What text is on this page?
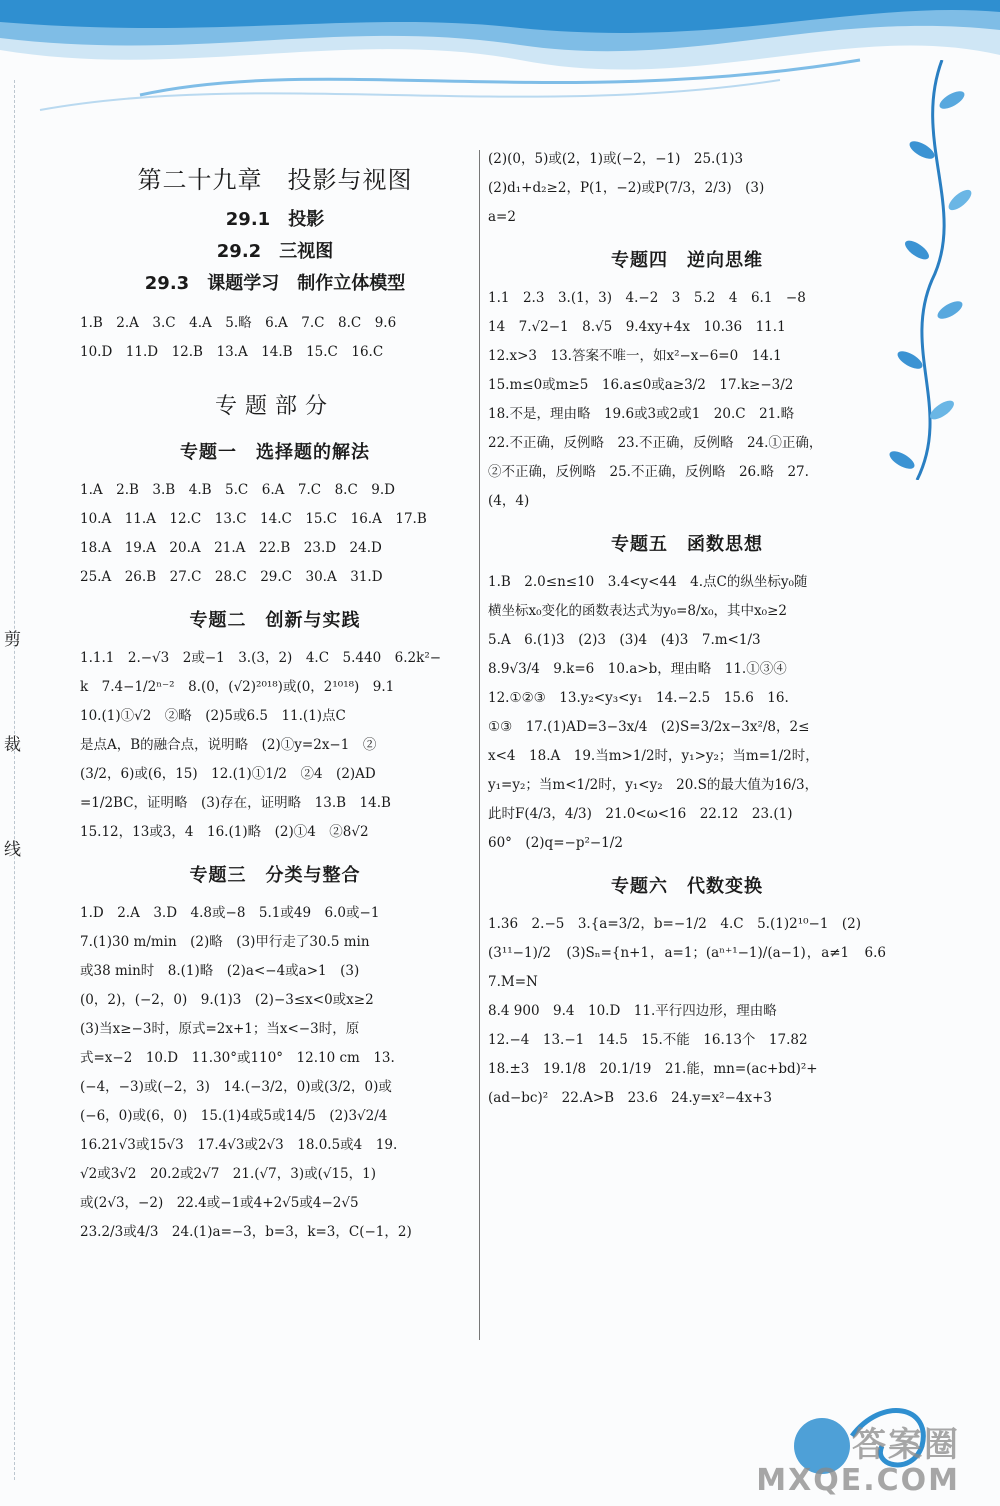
剪
裁
线
第二十九章　投影与视图
29.1　投影
29.2　三视图
29.3　课题学习　制作立体模型

1.B　2.A　3.C　4.A　5.略　6.A　7.C　8.C　9.6

10.D　11.D　12.B　13.A　14.B　15.C　16.C

专题部分
专题一　选择题的解法

1.A　2.B　3.B　4.B　5.C　6.A　7.C　8.C　9.D

10.A　11.A　12.C　13.C　14.C　15.C　16.A　17.B

18.A　19.A　20.A　21.A　22.B　23.D　24.D

25.A　26.B　27.C　28.C　29.C　30.A　31.D

专题二　创新与实践

1.1.1　2.−√3　2或−1　3.(3，2)　4.C　5.440　6.2k²−

k　7.4−1/2ⁿ⁻²　8.(0，(√2)²⁰¹⁸)或(0，2¹⁰¹⁸)　9.1

10.(1)①√2　②略　(2)5或6.5　11.(1)点C

是点A，B的融合点，说明略　(2)①y=2x−1　②

(3/2，6)或(6，15)　12.(1)①1/2　②4　(2)AD

=1/2BC，证明略　(3)存在，证明略　13.B　14.B

15.12，13或3，4　16.(1)略　(2)①4　②8√2

专题三　分类与整合

1.D　2.A　3.D　4.8或−8　5.1或49　6.0或−1

7.(1)30 m/min　(2)略　(3)甲行走了30.5 min

或38 min时　8.(1)略　(2)a<−4或a>1　(3)

(0，2)，(−2，0)　9.(1)3　(2)−3≤x<0或x≥2

(3)当x≥−3时，原式=2x+1；当x<−3时，原

式=x−2　10.D　11.30°或110°　12.10 cm　13.

(−4，−3)或(−2，3)　14.(−3/2，0)或(3/2，0)或

(−6，0)或(6，0)　15.(1)4或5或14/5　(2)3√2/4

16.21√3或15√3　17.4√3或2√3　18.0.5或4　19.

√2或3√2　20.2或2√7　21.(√7，3)或(√15，1)

或(2√3，−2)　22.4或−1或4+2√5或4−2√5

23.2/3或4/3　24.(1)a=−3，b=3，k=3，C(−1，2)

(2)(0，5)或(2，1)或(−2，−1)　25.(1)3

(2)d₁+d₂≥2，P(1，−2)或P(7/3，2/3)　(3)

a=2

专题四　逆向思维

1.1　2.3　3.(1，3)　4.−2　3　5.2　4　6.1　−8

14　7.√2−1　8.√5　9.4xy+4x　10.36　11.1

12.x>3　13.答案不唯一，如x²−x−6=0　14.1

15.m≤0或m≥5　16.a≤0或a≥3/2　17.k≥−3/2

18.不是，理由略　19.6或3或2或1　20.C　21.略

22.不正确，反例略　23.不正确，反例略　24.①正确，

②不正确，反例略　25.不正确，反例略　26.略　27.

(4，4)

专题五　函数思想

1.B　2.0≤n≤10　3.4<y<44　4.点C的纵坐标y₀随

横坐标x₀变化的函数表达式为y₀=8/x₀，其中x₀≥2

5.A　6.(1)3　(2)3　(3)4　(4)3　7.m<1/3

8.9√3/4　9.k=6　10.a>b，理由略　11.①③④

12.①②③　13.y₂<y₃<y₁　14.−2.5　15.6　16.

①③　17.(1)AD=3−3x/4　(2)S=3/2x−3x²/8，2≤

x<4　18.A　19.当m>1/2时，y₁>y₂；当m=1/2时，

y₁=y₂；当m<1/2时，y₁<y₂　20.S的最大值为16/3，

此时F(4/3，4/3)　21.0<ω<16　22.12　23.(1)

60°　(2)q=−p²−1/2

专题六　代数变换

1.36　2.−5　3.{a=3/2，b=−1/2　4.C　5.(1)2¹⁰−1　(2)

(3¹¹−1)/2　(3)Sₙ={n+1，a=1；(aⁿ⁺¹−1)/(a−1)，a≠1　6.6　7.M=N

8.4 900　9.4　10.D　11.平行四边形，理由略

12.−4　13.−1　14.5　15.不能　16.13个　17.82

18.±3　19.1/8　20.1/19　21.能，mn=(ac+bd)²+

(ad−bc)²　22.A>B　23.6　24.y=x²−4x+3

答案圈
MXQE.COM
